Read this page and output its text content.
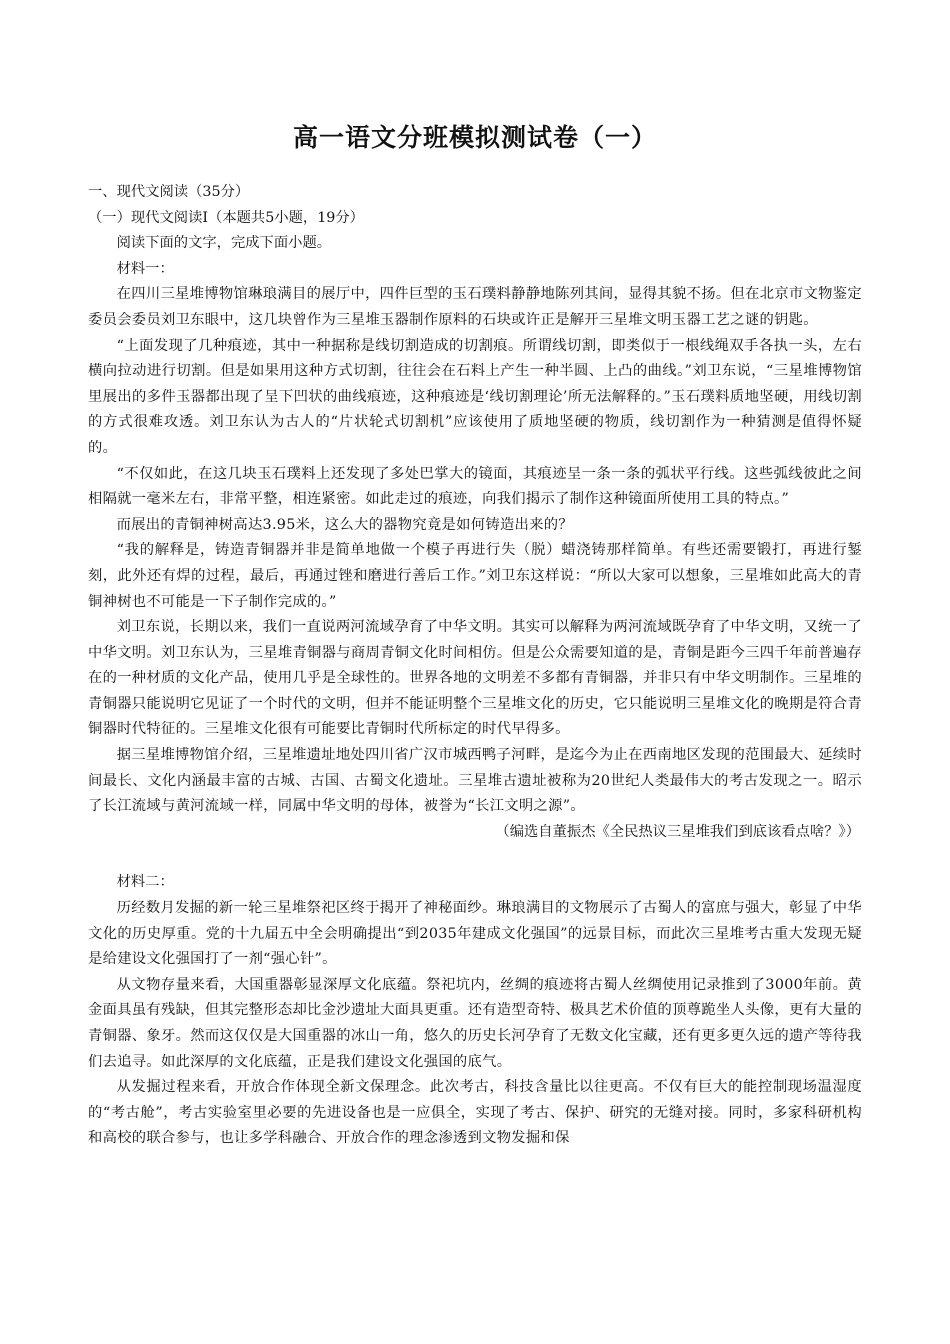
高一语文分班模拟测试卷（一）

一、现代文阅读（35分）

（一）现代文阅读Ⅰ（本题共5小题，19分）

阅读下面的文字，完成下面小题。

材料一：

在四川三星堆博物馆琳琅满目的展厅中，四件巨型的玉石璞料静静地陈列其间，显得其貌不扬。但在北京市文物鉴定委员会委员刘卫东眼中，这几块曾作为三星堆玉器制作原料的石块或许正是解开三星堆文明玉器工艺之谜的钥匙。

“上面发现了几种痕迹，其中一种据称是线切割造成的切割痕。所谓线切割，即类似于一根线绳双手各执一头，左右横向拉动进行切割。但是如果用这种方式切割，往往会在石料上产生一种半圆、上凸的曲线。”刘卫东说，“三星堆博物馆里展出的多件玉器都出现了呈下凹状的曲线痕迹，这种痕迹是‘线切割理论’所无法解释的。”玉石璞料质地坚硬，用线切割的方式很难攻透。刘卫东认为古人的“片状轮式切割机”应该使用了质地坚硬的物质，线切割作为一种猜测是值得怀疑的。

“不仅如此，在这几块玉石璞料上还发现了多处巴掌大的镜面，其痕迹呈一条一条的弧状平行线。这些弧线彼此之间相隔就一毫米左右，非常平整，相连紧密。如此走过的痕迹，向我们揭示了制作这种镜面所使用工具的特点。”

而展出的青铜神树高达3.95米，这么大的器物究竟是如何铸造出来的？

“我的解释是，铸造青铜器并非是简单地做一个模子再进行失（脱）蜡浇铸那样简单。有些还需要锻打，再进行錾刻，此外还有焊的过程，最后，再通过锉和磨进行善后工作。”刘卫东这样说：“所以大家可以想象，三星堆如此高大的青铜神树也不可能是一下子制作完成的。”

刘卫东说，长期以来，我们一直说两河流域孕育了中华文明。其实可以解释为两河流域既孕育了中华文明，又统一了中华文明。刘卫东认为，三星堆青铜器与商周青铜文化时间相仿。但是公众需要知道的是，青铜是距今三四千年前普遍存在的一种材质的文化产品，使用几乎是全球性的。世界各地的文明差不多都有青铜器，并非只有中华文明制作。三星堆的青铜器只能说明它见证了一个时代的文明，但并不能证明整个三星堆文化的历史，它只能说明三星堆文化的晚期是符合青铜器时代特征的。三星堆文化很有可能要比青铜时代所标定的时代早得多。

据三星堆博物馆介绍，三星堆遗址地处四川省广汉市城西鸭子河畔，是迄今为止在西南地区发现的范围最大、延续时间最长、文化内涵最丰富的古城、古国、古蜀文化遗址。三星堆古遗址被称为20世纪人类最伟大的考古发现之一。昭示了长江流域与黄河流域一样，同属中华文明的母体，被誉为“长江文明之源”。

（编选自董振杰《全民热议三星堆我们到底该看点啥？》）

材料二：

历经数月发掘的新一轮三星堆祭祀区终于揭开了神秘面纱。琳琅满目的文物展示了古蜀人的富庶与强大，彰显了中华文化的历史厚重。党的十九届五中全会明确提出“到2035年建成文化强国”的远景目标，而此次三星堆考古重大发现无疑是给建设文化强国打了一剂“强心针”。

从文物存量来看，大国重器彰显深厚文化底蕴。祭祀坑内，丝绸的痕迹将古蜀人丝绸使用记录推到了3000年前。黄金面具虽有残缺，但其完整形态却比金沙遗址大面具更重。还有造型奇特、极具艺术价值的顶尊跪坐人头像，更有大量的青铜器、象牙。然而这仅仅是大国重器的冰山一角，悠久的历史长河孕育了无数文化宝藏，还有更多更久远的遗产等待我们去追寻。如此深厚的文化底蕴，正是我们建设文化强国的底气。

从发掘过程来看，开放合作体现全新文保理念。此次考古，科技含量比以往更高。不仅有巨大的能控制现场温湿度的“考古舱”，考古实验室里必要的先进设备也是一应俱全，实现了考古、保护、研究的无缝对接。同时，多家科研机构和高校的联合参与，也让多学科融合、开放合作的理念渗透到文物发掘和保
